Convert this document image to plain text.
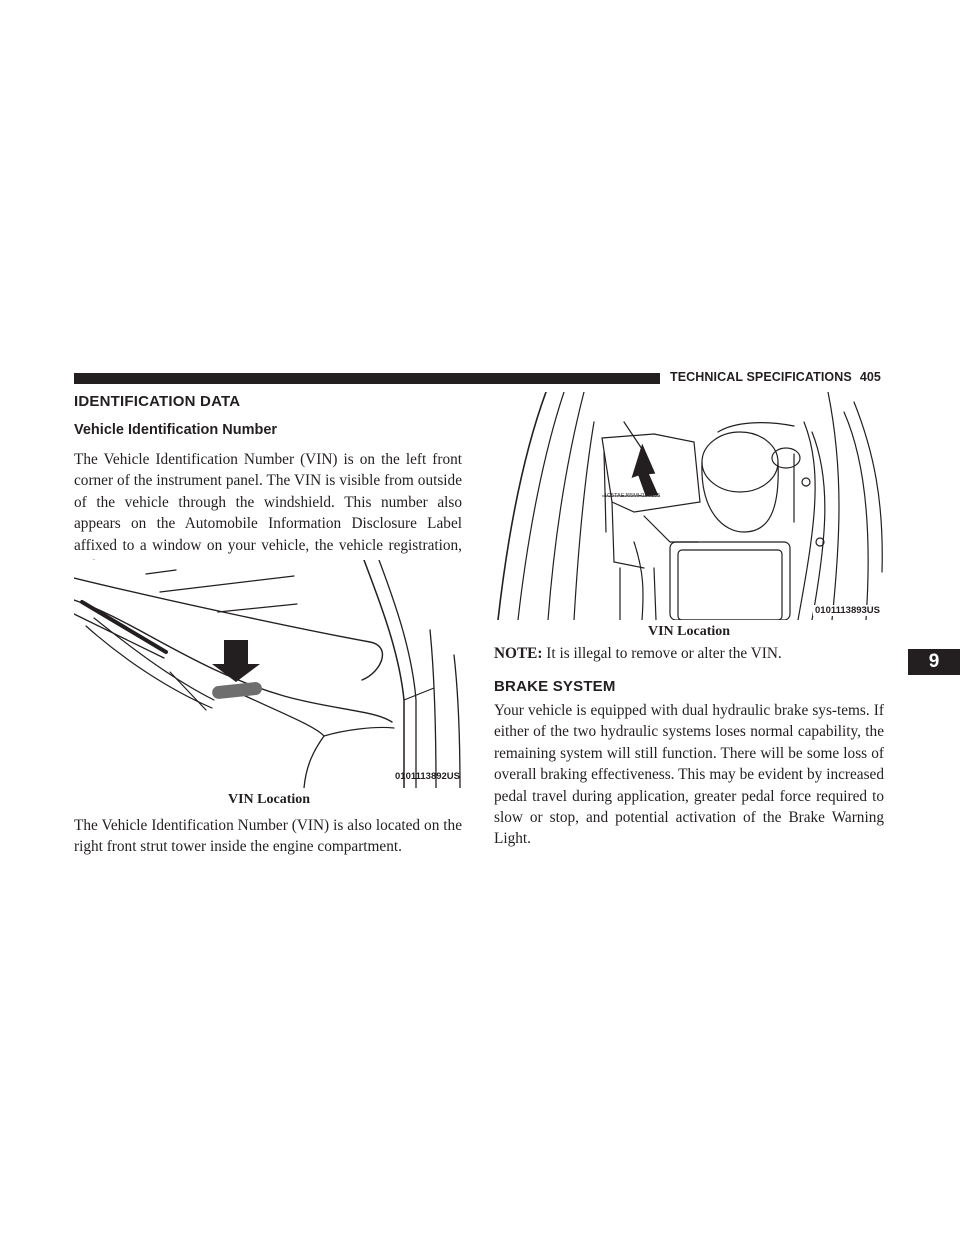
TECHNICAL SPECIFICATIONS 405
9
IDENTIFICATION DATA
Vehicle Identification Number

The Vehicle Identification Number (VIN) is on the left front corner of the instrument panel. The VIN is visible from outside of the vehicle through the windshield. This number also appears on the Automobile Information Disclosure Label affixed to a window on your vehicle, the vehicle registration,

0101113892US
VIN Location

The Vehicle Identification Number (VIN) is also located on the right front strut tower inside the engine compartment.

1C5TAEJ65MH180155
0101113893US
VIN Location

NOTE: It is illegal to remove or alter the VIN.

BRAKE SYSTEM

Your vehicle is equipped with dual hydraulic brake sys-tems. If either of the two hydraulic systems loses normal capability, the remaining system will still function. There will be some loss of overall braking effectiveness. This may be evident by increased pedal travel during application, greater pedal force required to slow or stop, and potential activation of the Brake Warning Light.
